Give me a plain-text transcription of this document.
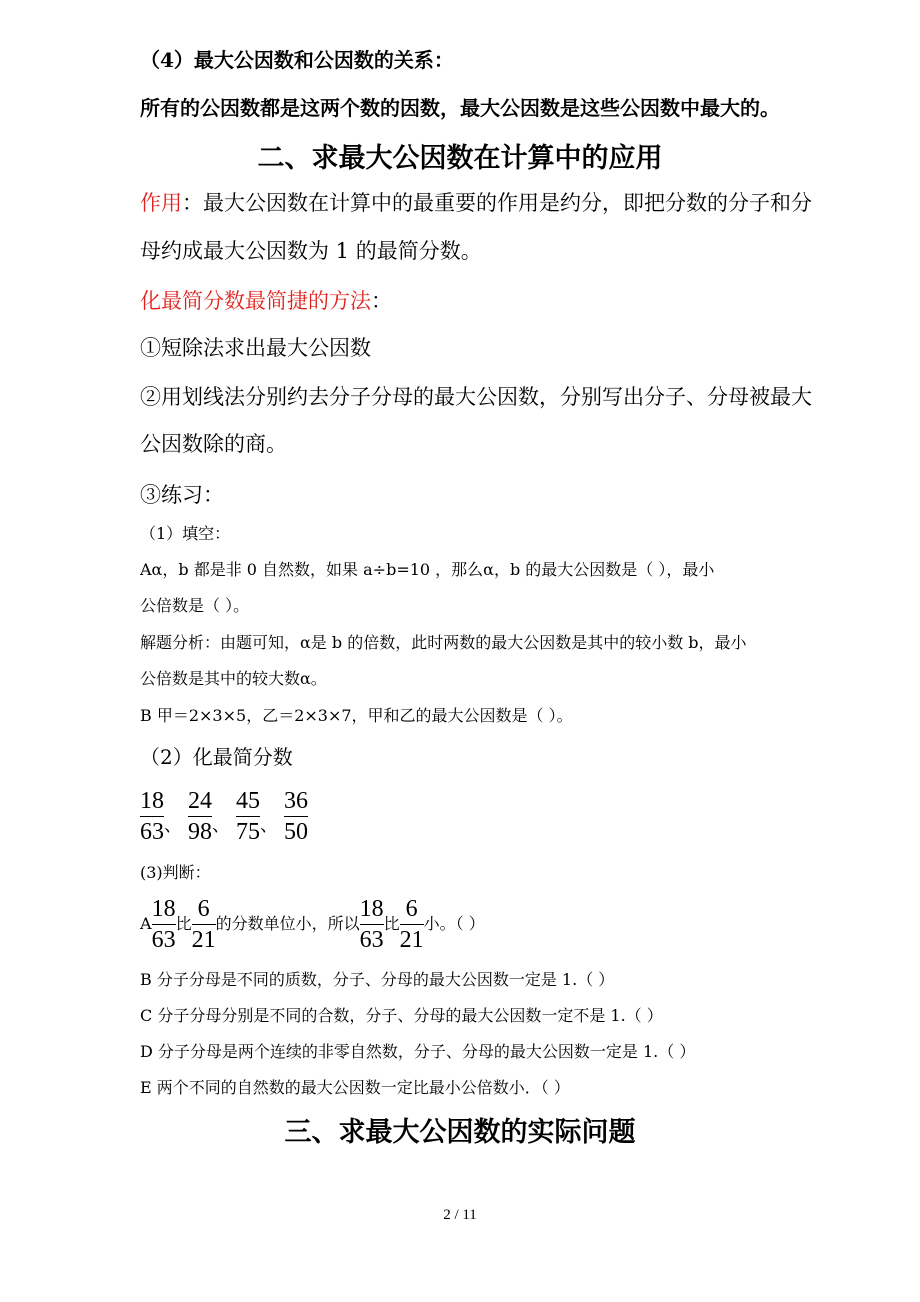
（4）最大公因数和公因数的关系：
所有的公因数都是这两个数的因数，最大公因数是这些公因数中最大的。
二、求最大公因数在计算中的应用
作用：最大公因数在计算中的最重要的作用是约分，即把分数的分子和分
母约成最大公因数为 1 的最简分数。
化最简分数最简捷的方法：
①短除法求出最大公因数
②用划线法分别约去分子分母的最大公因数，分别写出分子、分母被最大
公因数除的商。
③练习：
（1）填空：
Aα，b 都是非 0 自然数，如果 a÷b=10 ，那么α，b 的最大公因数是（ ），最小
公倍数是（ ）。
解题分析：由题可知，α是 b 的倍数，此时两数的最大公因数是其中的较小数 b，最小
公倍数是其中的较大数α。
B 甲＝2×3×5，乙＝2×3×7，甲和乙的最大公因数是（ ）。
（2）化最简分数
$\frac{18}{63}$ 、 $\frac{24}{98}$ 、 $\frac{45}{75}$ 、 $\frac{36}{50}$
(3)判断：
A $\frac{18}{63}$ 比 $\frac{6}{21}$ 的分数单位小，所以 $\frac{18}{63}$ 比 $\frac{6}{21}$ 小。（ ）
B 分子分母是不同的质数，分子、分母的最大公因数一定是 1.（ ）
C 分子分母分别是不同的合数，分子、分母的最大公因数一定不是 1.（ ）
D 分子分母是两个连续的非零自然数，分子、分母的最大公因数一定是 1.（ ）
E 两个不同的自然数的最大公因数一定比最小公倍数小．（ ）
三、求最大公因数的实际问题
2 / 11
